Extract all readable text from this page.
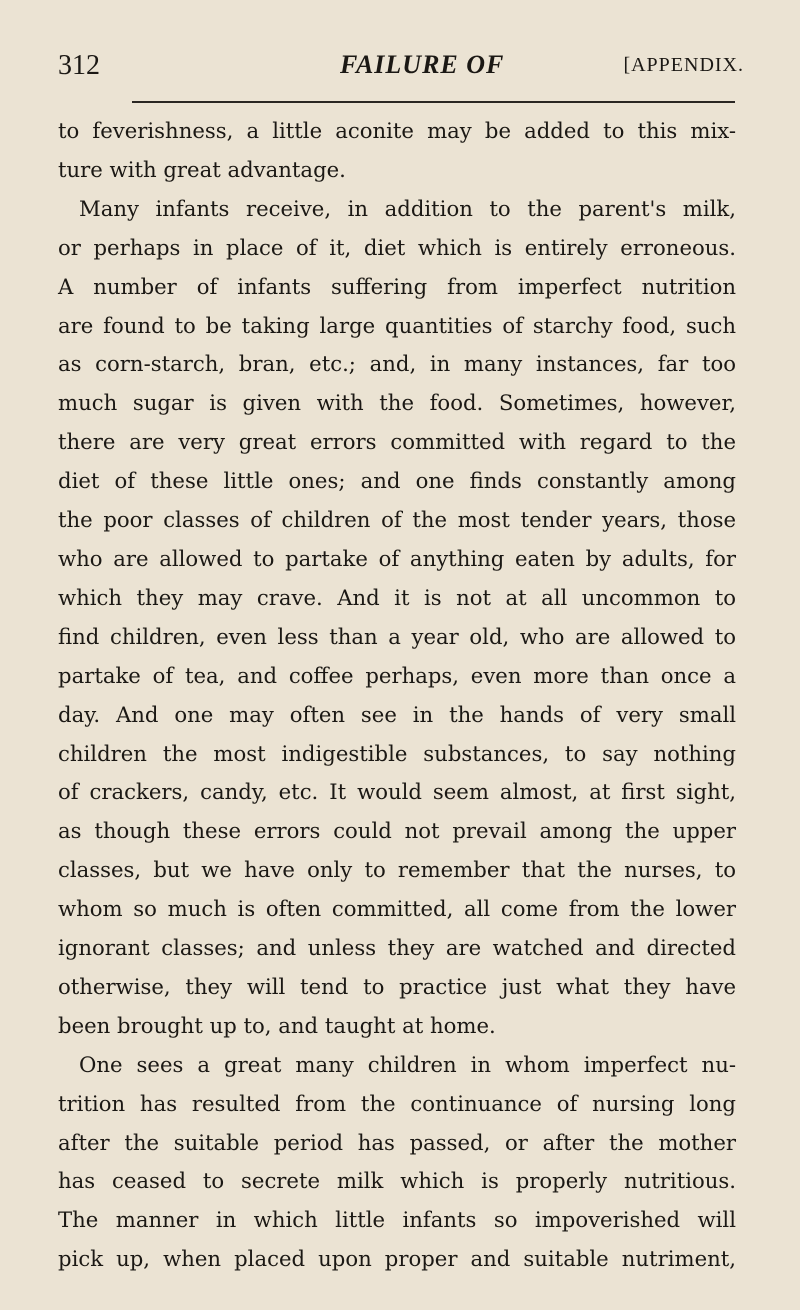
312	FAILURE OF	[APPENDIX.
to feverishness, a little aconite may be added to this mix-
ture with great advantage.
Many infants receive, in addition to the parent's milk,
or perhaps in place of it, diet which is entirely erroneous.
A number of infants suffering from imperfect nutrition
are found to be taking large quantities of starchy food, such
as corn-starch, bran, etc.; and, in many instances, far too
much sugar is given with the food. Sometimes, however,
there are very great errors committed with regard to the
diet of these little ones; and one finds constantly among
the poor classes of children of the most tender years, those
who are allowed to partake of anything eaten by adults, for
which they may crave. And it is not at all uncommon to
find children, even less than a year old, who are allowed to
partake of tea, and coffee perhaps, even more than once a
day. And one may often see in the hands of very small
children the most indigestible substances, to say nothing
of crackers, candy, etc. It would seem almost, at first sight,
as though these errors could not prevail among the upper
classes, but we have only to remember that the nurses, to
whom so much is often committed, all come from the lower
ignorant classes; and unless they are watched and directed
otherwise, they will tend to practice just what they have
been brought up to, and taught at home.
One sees a great many children in whom imperfect nu-
trition has resulted from the continuance of nursing long
after the suitable period has passed, or after the mother
has ceased to secrete milk which is properly nutritious.
The manner in which little infants so impoverished will
pick up, when placed upon proper and suitable nutriment,
